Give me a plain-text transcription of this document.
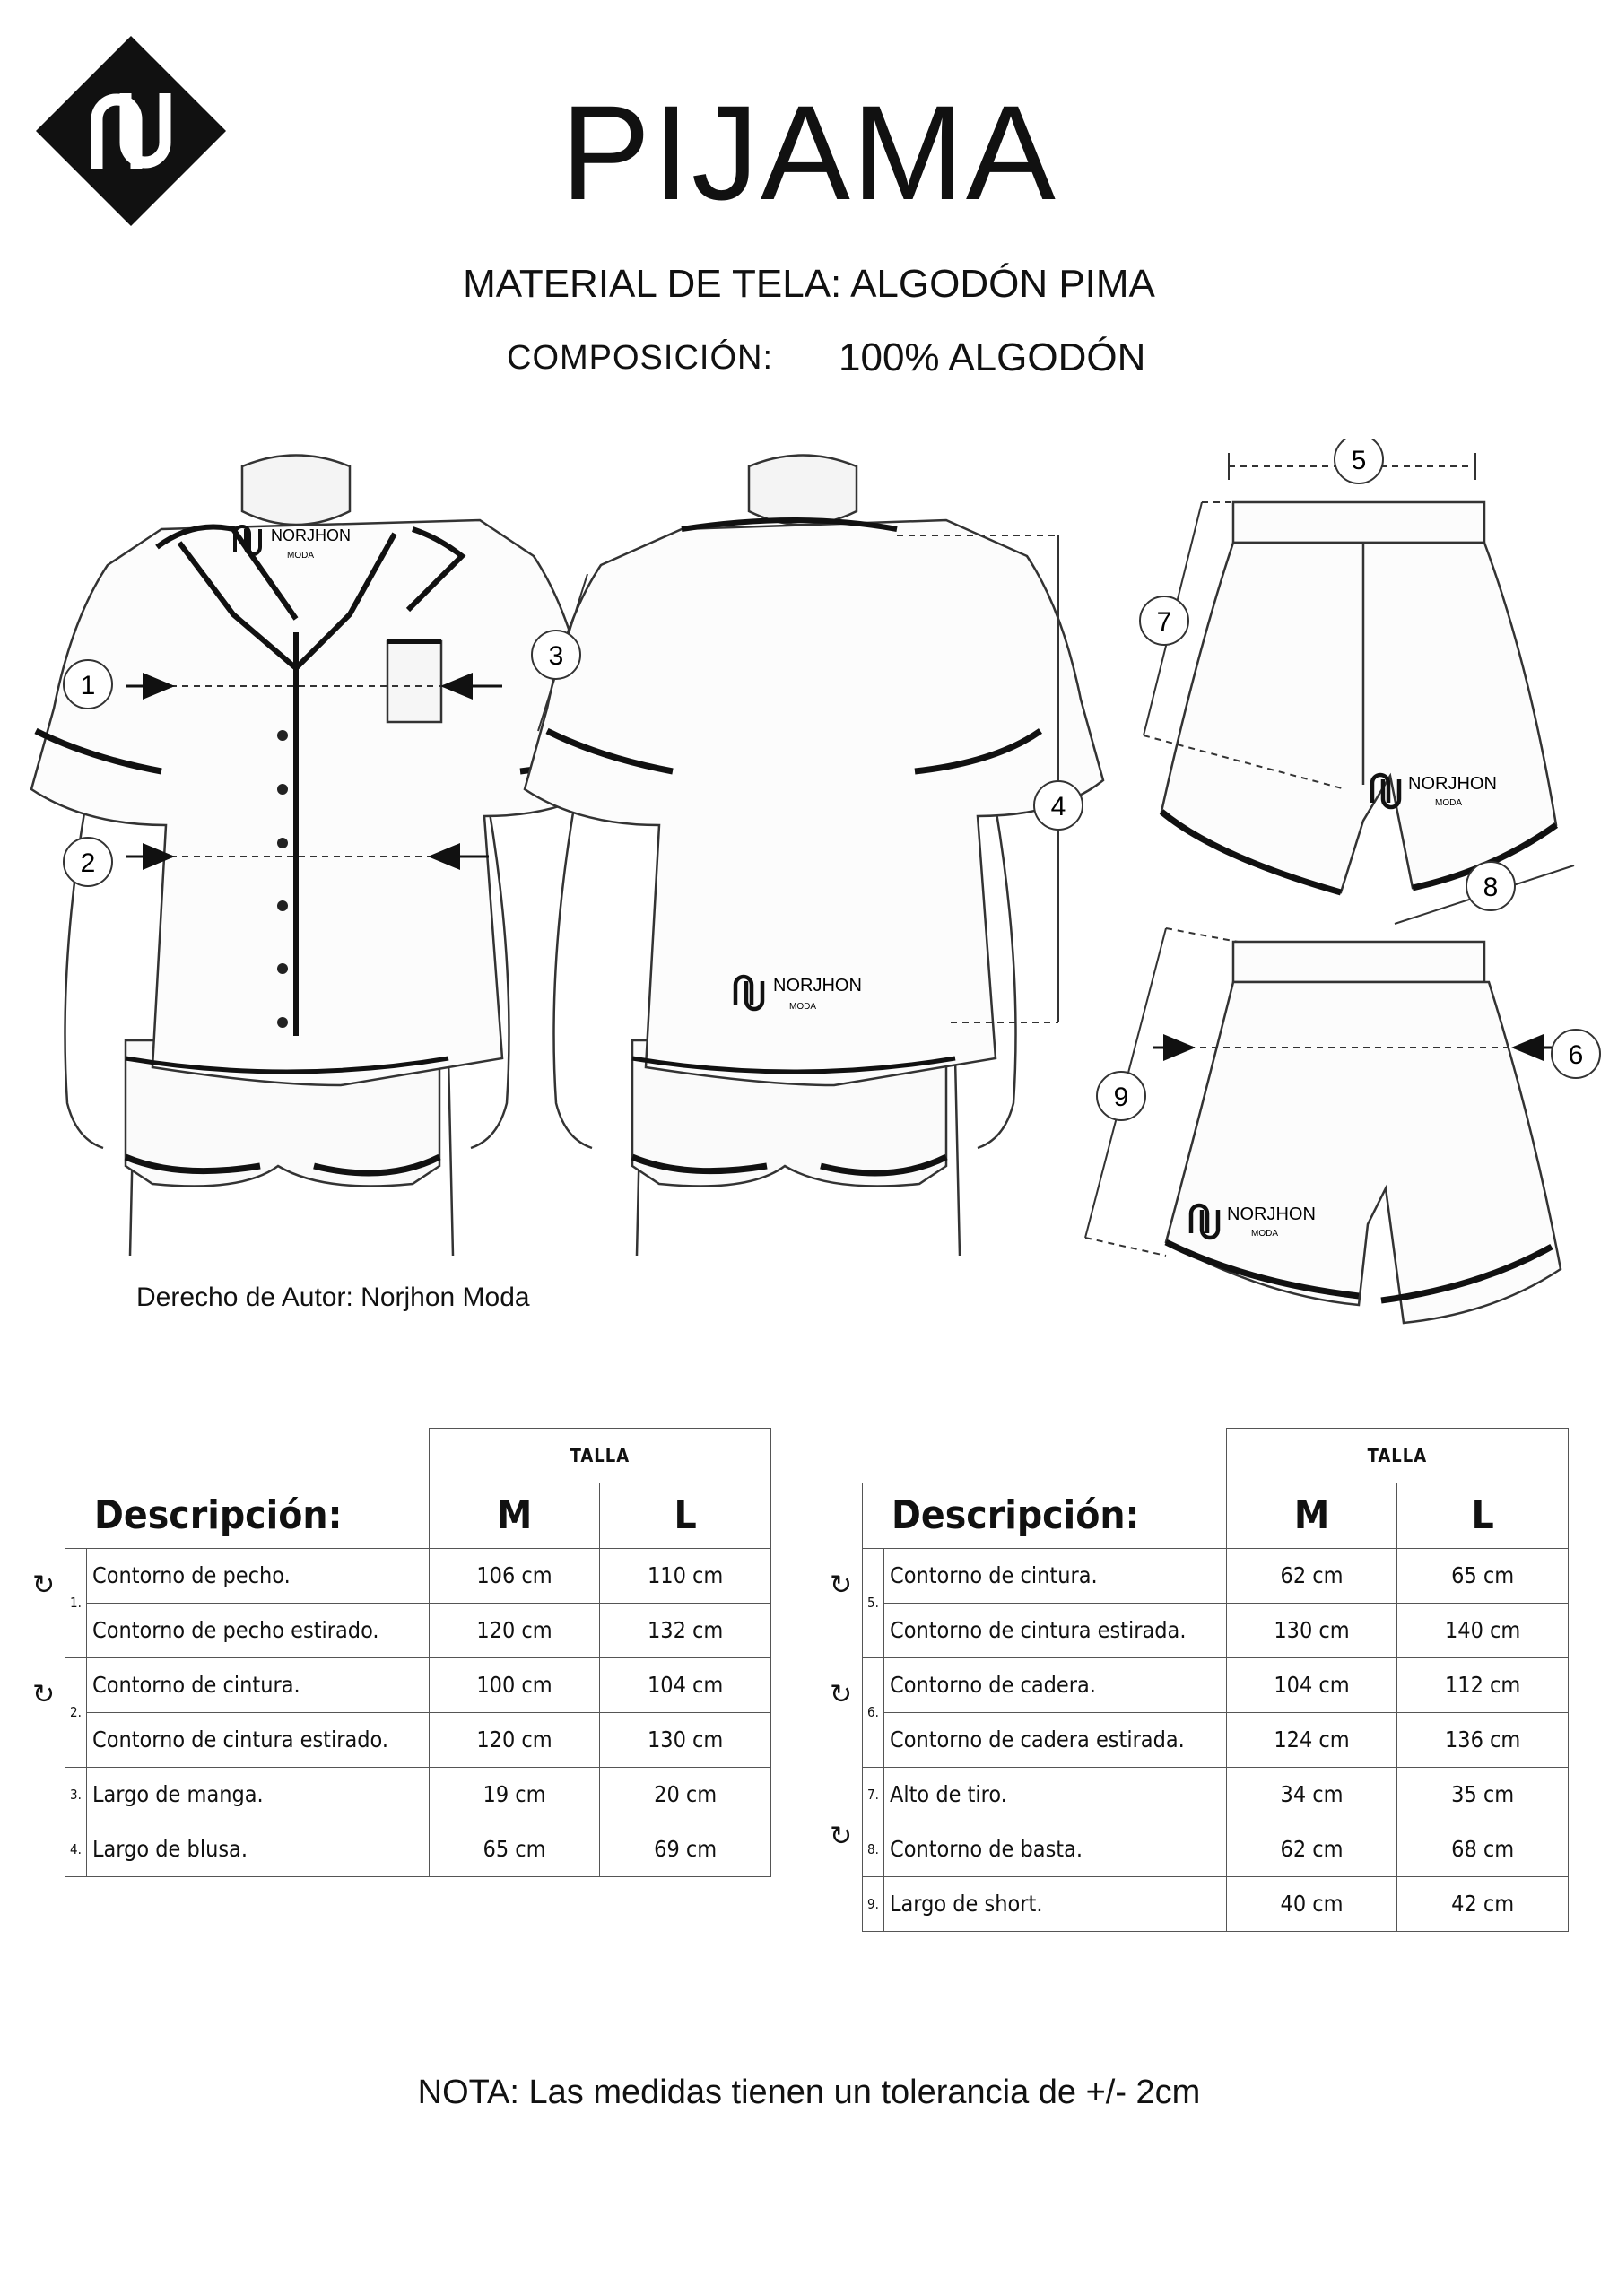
PIJAMA
MATERIAL DE TELA: ALGODÓN PIMA
COMPOSICIÓN: 100% ALGODÓN
NORJHON
MODA
NORJHON
MODA
NORJHON
MODA
NORJHON
MODA
1
2
3
4
5
6
7
8
9
Derecho de Autor: Norjhon Moda
		TALLA	
Descripción:		M	L
1.	Contorno de pecho.	106 cm	110 cm
	Contorno de pecho estirado.	120 cm	132 cm
2.	Contorno de cintura.	100 cm	104 cm
	Contorno de cintura estirado.	120 cm	130 cm
3.	Largo de manga.	19 cm	20 cm
4.	Largo de blusa.	65 cm	69 cm
↻
↻
		TALLA	
Descripción:		M	L
5.	Contorno de cintura.	62 cm	65 cm
	Contorno de cintura estirada.	130 cm	140 cm
6.	Contorno de cadera.	104 cm	112 cm
	Contorno de cadera estirada.	124 cm	136 cm
7.	Alto de tiro.	34 cm	35 cm
8.	Contorno de basta.	62 cm	68 cm
9.	Largo de short.	40 cm	42 cm
↻
↻
↻
NOTA: Las medidas tienen un tolerancia de +/- 2cm
